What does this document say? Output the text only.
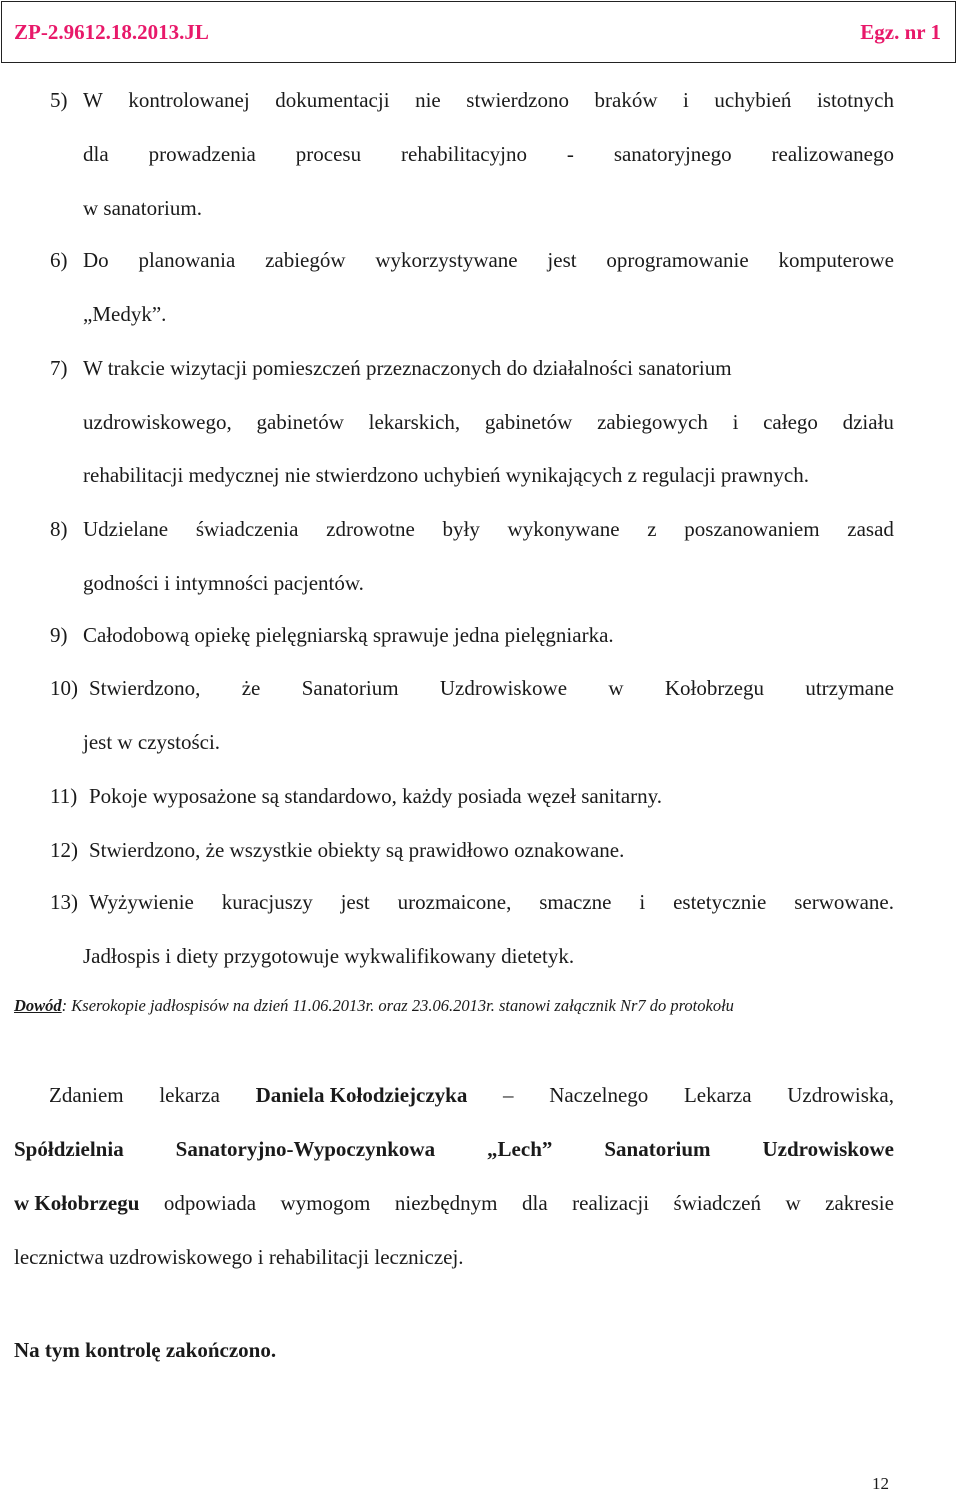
ZP-2.9612.18.2013.JL	Egz. nr 1
5) W kontrolowanej dokumentacji nie stwierdzono braków i uchybień istotnych
dla prowadzenia procesu rehabilitacyjno - sanatoryjnego realizowanego
w sanatorium.
6) Do planowania zabiegów wykorzystywane jest oprogramowanie komputerowe
„Medyk”.
7) W trakcie wizytacji pomieszczeń przeznaczonych do działalności sanatorium
uzdrowiskowego, gabinetów lekarskich, gabinetów zabiegowych i całego działu
rehabilitacji medycznej nie stwierdzono uchybień wynikających z regulacji prawnych.
8) Udzielane świadczenia zdrowotne były wykonywane z poszanowaniem zasad
godności i intymności pacjentów.
9) Całodobową opiekę pielęgniarską sprawuje jedna pielęgniarka.
10) Stwierdzono, że Sanatorium Uzdrowiskowe w Kołobrzegu utrzymane
jest w czystości.
11) Pokoje wyposażone są standardowo, każdy posiada węzeł sanitarny.
12) Stwierdzono, że wszystkie obiekty są prawidłowo oznakowane.
13) Wyżywienie kuracjuszy jest urozmaicone, smaczne i estetycznie serwowane.
Jadłospis i diety przygotowuje wykwalifikowany dietetyk.
Dowód: Kserokopie jadłospisów na dzień 11.06.2013r. oraz 23.06.2013r. stanowi załącznik Nr7 do protokołu
Zdaniem lekarza Daniela Kołodziejczyka – Naczelnego Lekarza Uzdrowiska,
Spółdzielnia Sanatoryjno-Wypoczynkowa „Lech” Sanatorium Uzdrowiskowe
w Kołobrzegu odpowiada wymogom niezbędnym dla realizacji świadczeń w zakresie
lecznictwa uzdrowiskowego i rehabilitacji leczniczej.
Na tym kontrolę zakończono.
12
